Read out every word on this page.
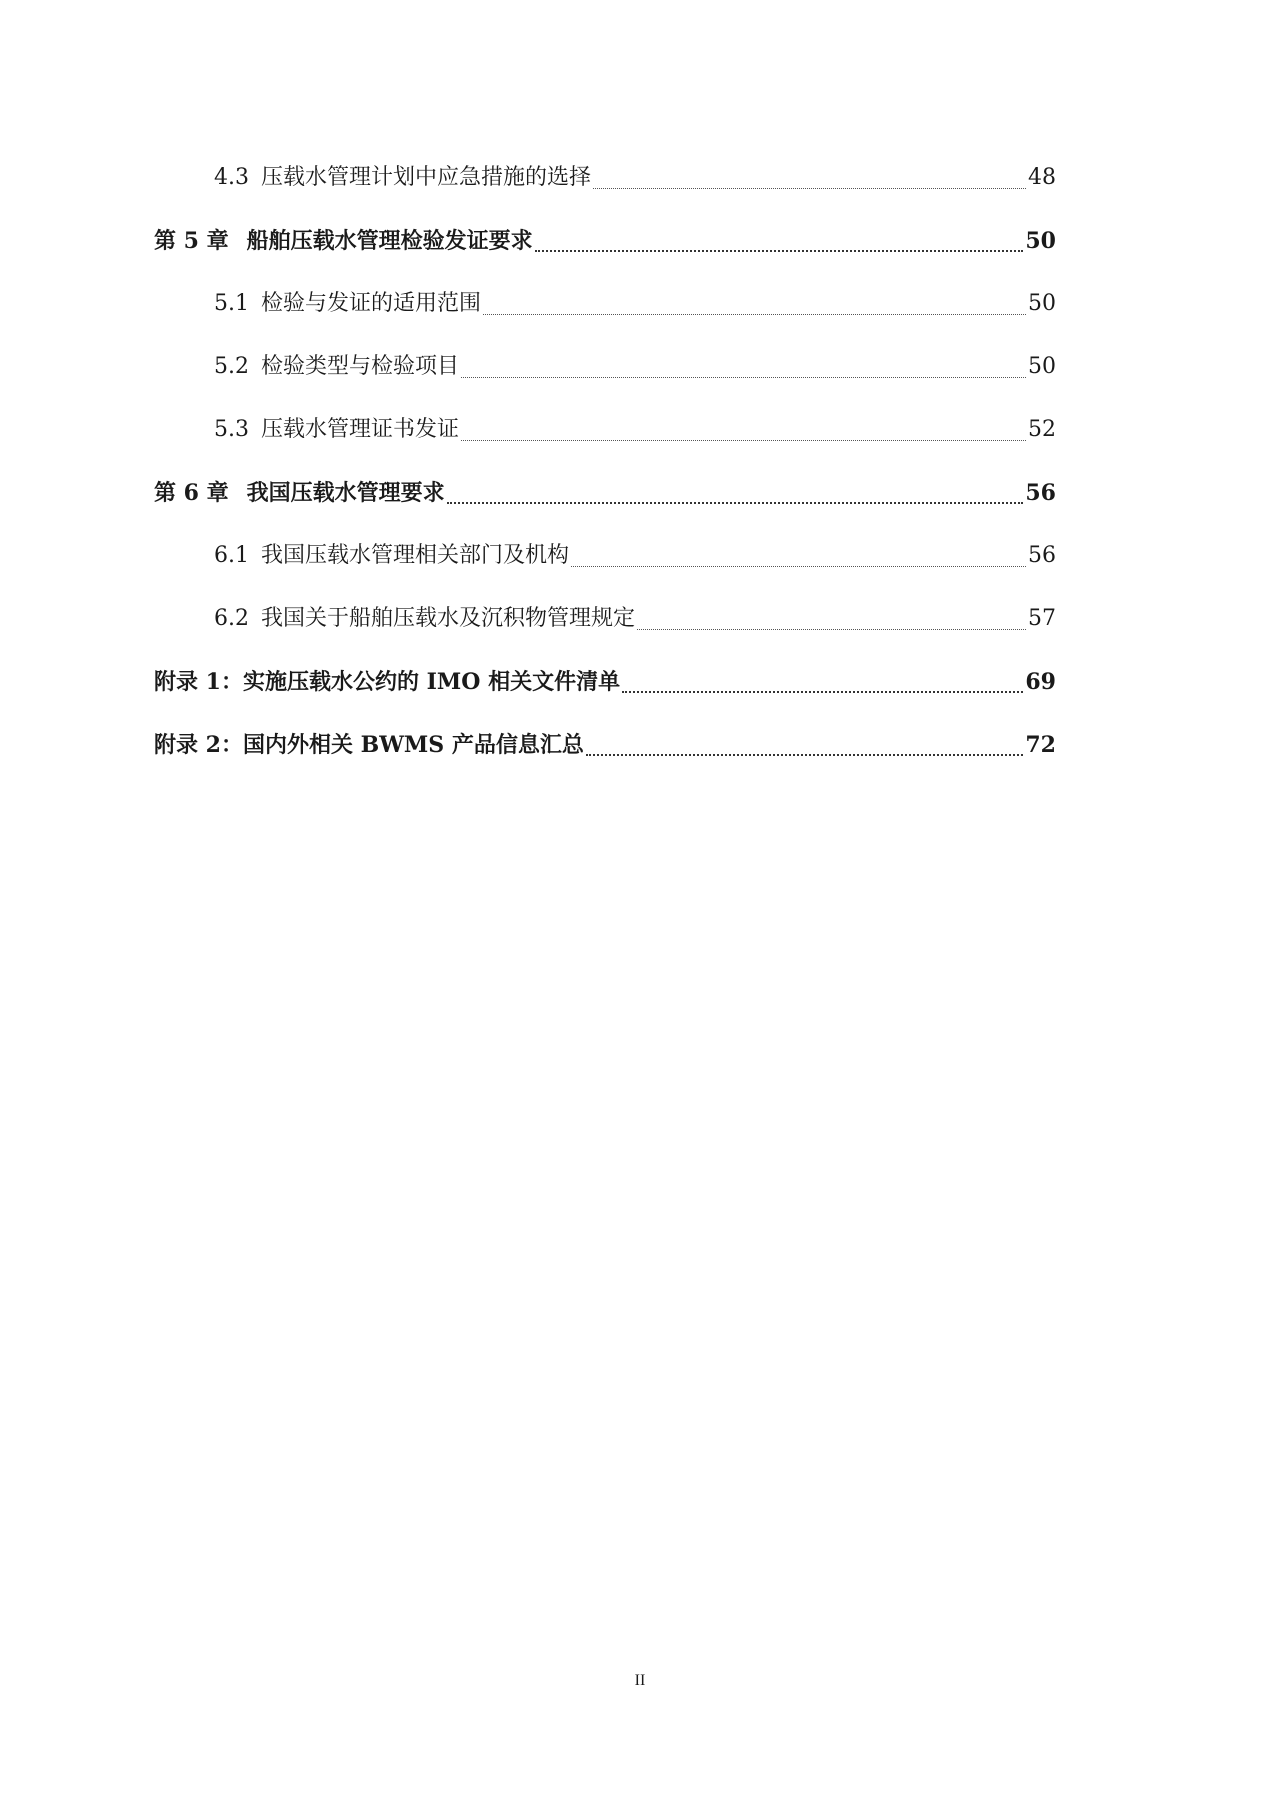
4.3 压载水管理计划中应急措施的选择	48
第 5 章 船舶压载水管理检验发证要求	50
5.1 检验与发证的适用范围	50
5.2 检验类型与检验项目	50
5.3 压载水管理证书发证	52
第 6 章 我国压载水管理要求	56
6.1 我国压载水管理相关部门及机构	56
6.2 我国关于船舶压载水及沉积物管理规定	57
附录 1： 实施压载水公约的 IMO 相关文件清单	69
附录 2： 国内外相关 BWMS 产品信息汇总	72
II
